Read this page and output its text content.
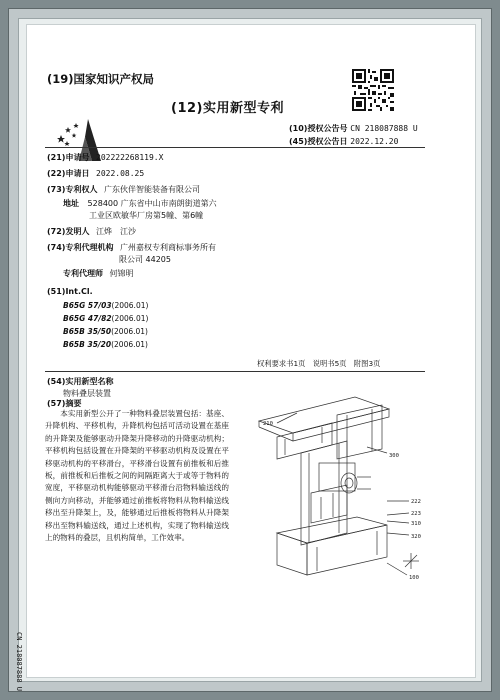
(19)国家知识产权局
(12)实用新型专利
(10)授权公告号 CN 218087888 U
(45)授权公告日 2022.12.20
(21)申请号 202222268119.X
(22)申请日 2022.08.25
(73)专利权人 广东伙伴智能装备有限公司
地址 528400 广东省中山市南朗街道第六
工业区欧敏华厂房第5幢、第6幢
(72)发明人 江烨　江沙
(74)专利代理机构 广州嘉权专利商标事务所有
限公司 44205
专利代理师 何锦明
(51)Int.Cl.
B65G 57/03(2006.01)
B65G 47/82(2006.01)
B65B 35/50(2006.01)
B65B 35/20(2006.01)
权利要求书1页　说明书5页　附图3页
(54)实用新型名称
物料叠层装置
(57)摘要
本实用新型公开了一种物料叠层装置包括：基座、升降机构、平移机构，升降机构包括可活动设置在基座的升降架及能够驱动升降架升降移动的升降驱动机构；平移机构包括设置在升降架的平移驱动机构及设置在平移驱动机构的平移滑台，平移滑台设置有前推板和后推板，前推板和后推板之间的间隔距离大于或等于物料的宽度，平移驱动机构能够驱动平移滑台沿物料输送线的侧向方向移动，并能够通过前推板将物料从物料输送线移出至升降架上，及，能够通过后推板将物料从升降架移出至物料输送线，通过上述机构，实现了物料输送线上的物料的叠层，且机构简单，工作效率。
210
300
222
223
310
320
100
CN 218087888 U
